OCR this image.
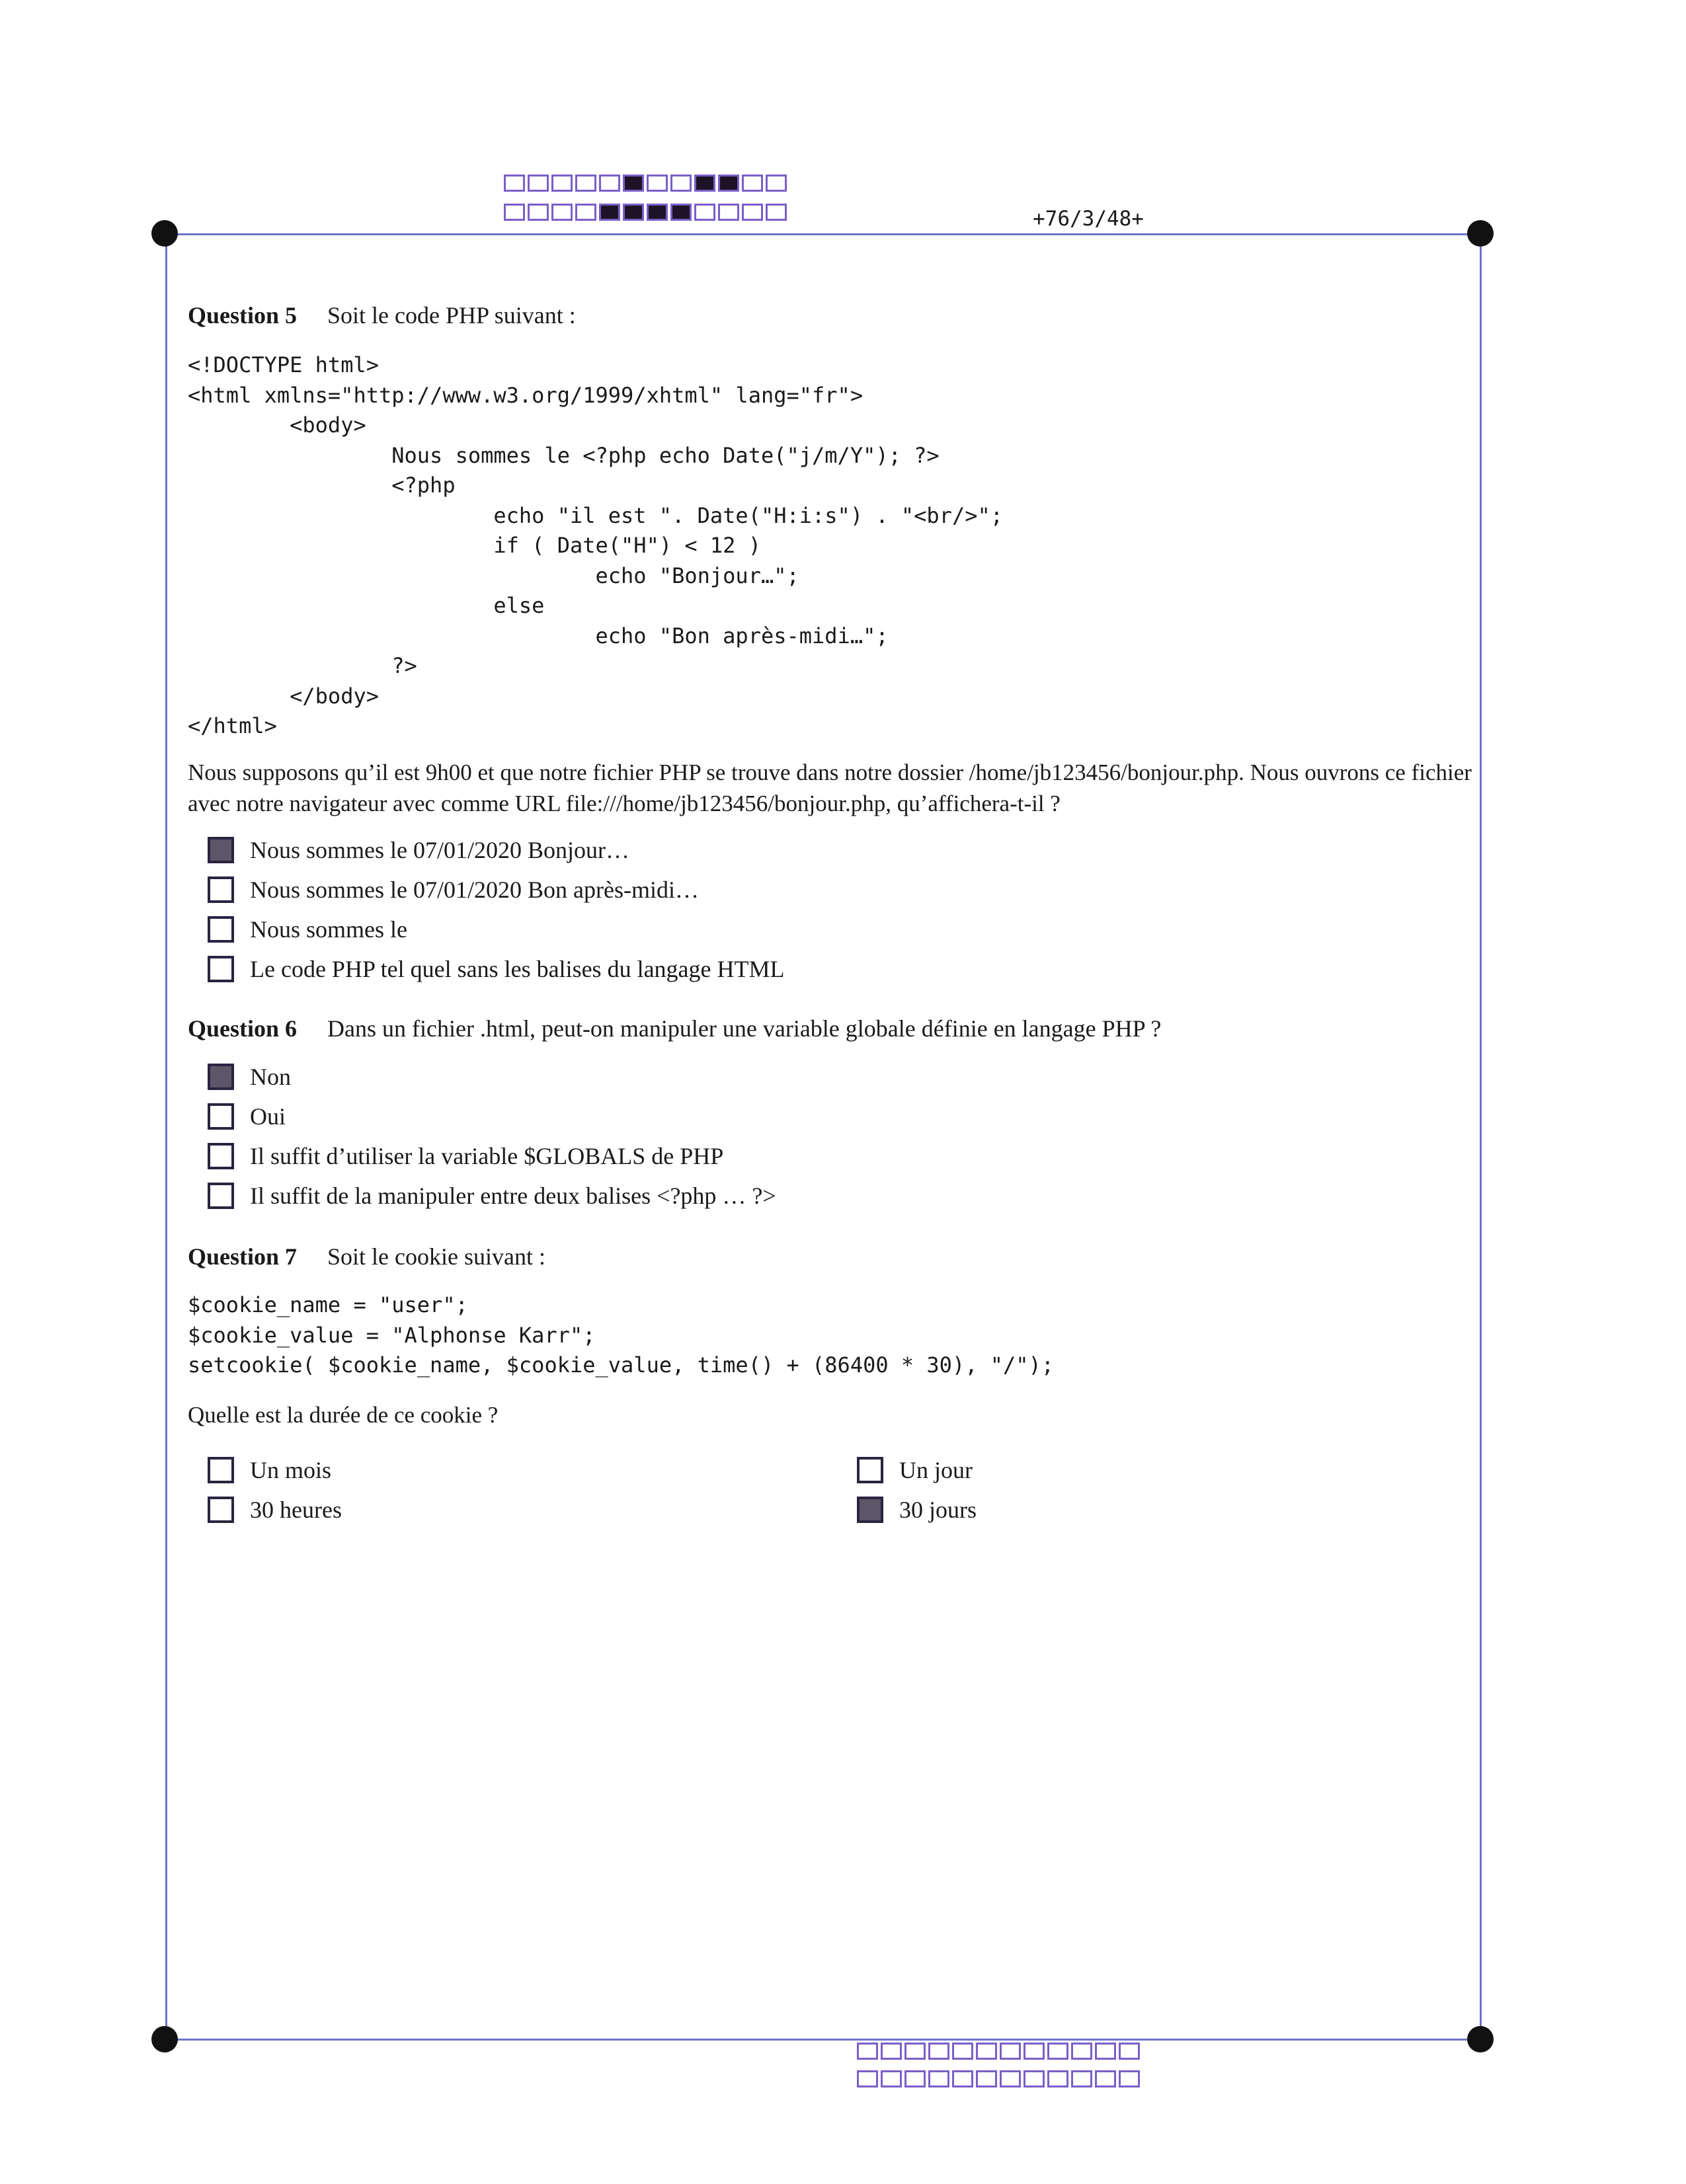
+76/3/48+
Question 5 Soit le code PHP suivant :
<!DOCTYPE html>
<html xmlns="http://www.w3.org/1999/xhtml" lang="fr">
<body>
Nous sommes le <?php echo Date("j/m/Y"); ?>
<?php
echo "il est ". Date("H:i:s") . "<br/>";
if ( Date("H") < 12 )
echo "Bonjour…";
else
echo "Bon après-midi…";
?>
</body>
</html>
Nous supposons qu’il est 9h00 et que notre fichier PHP se trouve dans notre dossier /home/jb123456/bonjour.php. Nous ouvrons ce fichier avec notre navigateur avec comme URL file:///home/jb123456/bonjour.php, qu’affichera-t-il ?
Nous sommes le 07/01/2020 Bonjour…
Nous sommes le 07/01/2020 Bon après-midi…
Nous sommes le
Le code PHP tel quel sans les balises du langage HTML
Question 6 Dans un fichier .html, peut-on manipuler une variable globale définie en langage PHP ?
Non
Oui
Il suffit d’utiliser la variable $GLOBALS de PHP
Il suffit de la manipuler entre deux balises <?php … ?>
Question 7 Soit le cookie suivant :
$cookie_name = "user";
$cookie_value = "Alphonse Karr";
setcookie( $cookie_name, $cookie_value, time() + (86400 * 30), "/");
Quelle est la durée de ce cookie ?
Un mois	Un jour
30 heures	30 jours
